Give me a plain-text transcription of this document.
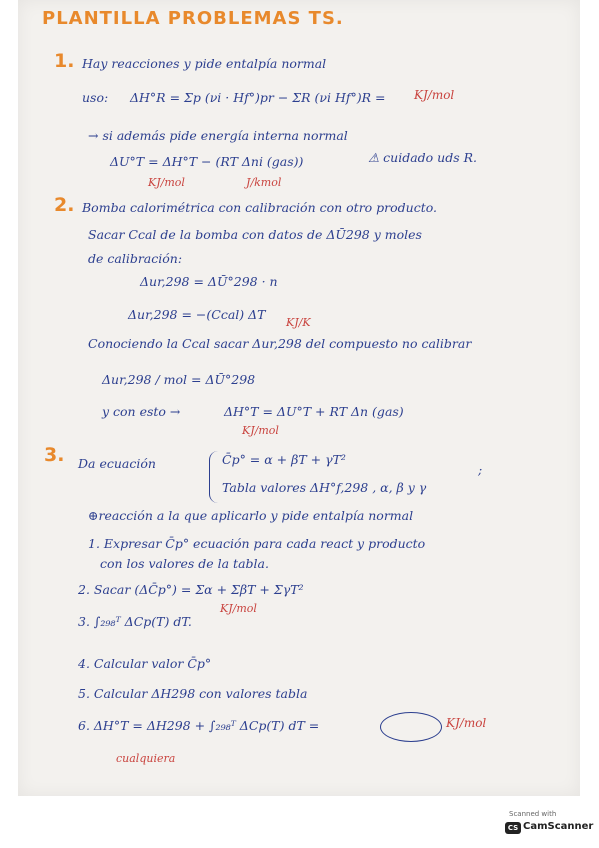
PLANTILLA PROBLEMAS TS.
1. Hay reacciones y pide entalpía normal
uso: ΔH°R = Σp (νi · Hf°)pr − ΣR (νi Hf°)R = KJ/mol
→ si además pide energía interna normal
ΔU°T = ΔH°T − (RT Δni (gas))	⚠ cuidado uds R.
KJ/mol	J/kmol
2. Bomba calorimétrica con calibración con otro producto.
Sacar Ccal de la bomba con datos de ΔŪ298 y moles
de calibración:
Δur,298 = ΔŪ°298 · n
Δur,298 = −(Ccal) ΔT
KJ/K
Conociendo la Ccal sacar Δur,298 del compuesto no calibrar
Δur,298 / mol = ΔŪ°298
y con esto →	ΔH°T = ΔU°T + RT Δn (gas)
KJ/mol
3. Da ecuación	C̄p° = α + βT + γT²
Tabla valores ΔH°f,298 , α, β y γ
;
⊕reacción a la que aplicarlo y pide entalpía normal
1. Expresar C̄p° ecuación para cada react y producto
con los valores de la tabla.
2. Sacar (ΔC̄p°) = Σα + ΣβT + ΣγT²
KJ/mol
3. ∫₂₉₈ᵀ ΔCp(T) dT.
4. Calcular valor C̄p°
5. Calcular ΔH298 con valores tabla
6. ΔH°T = ΔH298 + ∫₂₉₈ᵀ ΔCp(T) dT =	KJ/mol
cualquiera
Scanned with
CS CamScanner
